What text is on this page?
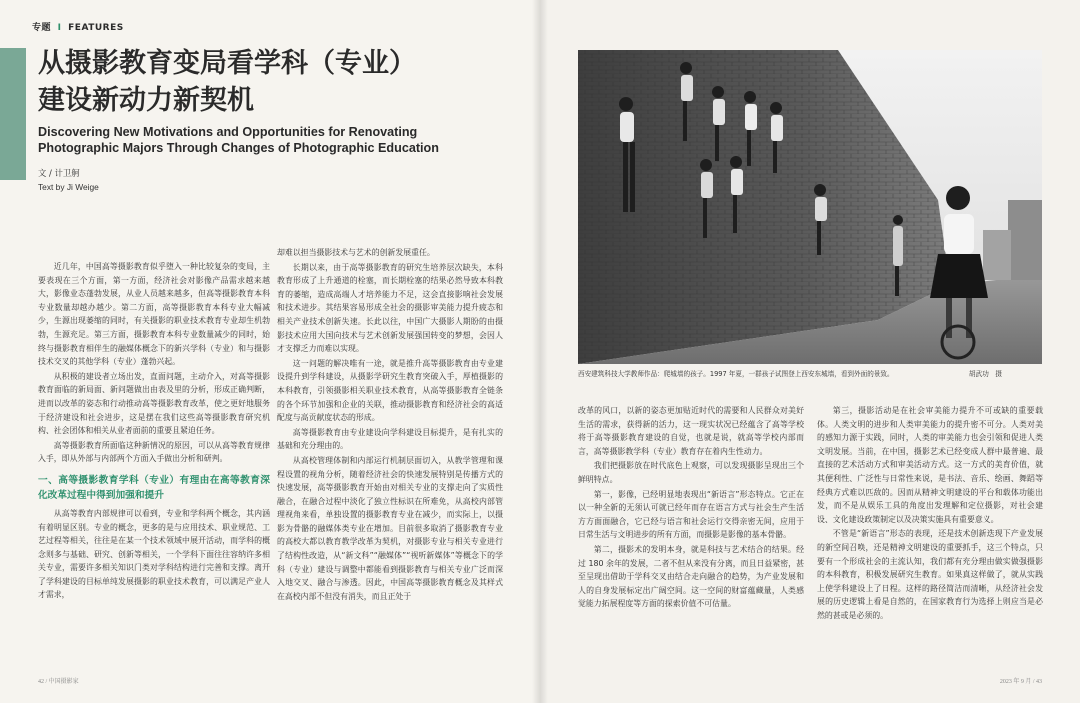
专题 I FEATURES
从摄影教育变局看学科（专业）
建设新动力新契机
Discovering New Motivations and Opportunities for Renovating
Photographic Majors Through Changes of Photographic Education
文 / 计卫舸
Text by Ji Weige

近几年，中国高等摄影教育似乎堕入一种比较复杂的变局，主要表现在三个方面，第一方面，经济社会对影像产品需求越来越大，影像业态蓬勃发展，从业人员越来越多，但高等摄影教育本科专业数量却越办越少。第二方面，高等摄影教育本科专业大幅减少，生源出现萎缩的同时，有关摄影的职业技术教育专业却生机勃勃，生源充足。第三方面，摄影教育本科专业数量减少的同时，始终与摄影教育相伴生的融媒体概念下的新兴学科（专业）和与摄影技术交叉的其他学科（专业）蓬勃兴起。

从积极的建设者立场出发，直面问题，主动介入，对高等摄影教育面临的新局面、新问题做出由表及里的分析，形成正确判断，进而以改革的姿态和行动推动高等摄影教育改革，使之更好地服务于经济建设和社会进步，这是摆在我们这些高等摄影教育研究机构、社会团体和相关从业者面前的重要且紧迫任务。

高等摄影教育所面临这种新情况的原因，可以从高等教育规律入手，即从外部与内部两个方面入手做出分析和研判。

一、高等摄影教育学科（专业）有理由在高等教育深化改革过程中得到加强和提升

从高等教育内部规律可以看到，专业和学科两个概念，其内涵有着明显区别。专业的概念，更多的是与应用技术、职业规范、工艺过程等相关，往往是在某一个技术领域中展开活动，而学科的概念则多与基础、研究、创新等相关，一个学科下面往往容纳许多相关专业，需要许多相关知识门类对学科结构进行完善和支撑。离开了学科建设的目标单纯发展摄影的职业技术教育，可以满足产业人才需求，

却难以担当摄影技术与艺术的创新发展重任。

长期以来，由于高等摄影教育的研究生培养层次缺失，本科教育形成了上升通道的栓塞，而长期栓塞的结果必然导致本科教育的萎缩，造成高端人才培养能力不足，这会直接影响社会发展和技术进步。其结果容易形成全社会的摄影审美能力提升疲态和相关产业技术创新失速。长此以往，中国广大摄影人期盼的由摄影技术应用大国向技术与艺术创新发展强国转变的梦想，会因人才支撑乏力而难以实现。

这一问题的解决唯有一途，就是推升高等摄影教育由专业建设提升到学科建设，从摄影学研究生教育突破入手，厚植摄影的本科教育，引领摄影相关职业技术教育，从高等摄影教育全链条的各个环节加强和企业的关联，推动摄影教育和经济社会的高适配度与高贡献度状态的形成。

高等摄影教育由专业建设向学科建设目标提升，是有扎实的基础和充分理由的。

从高校管理体制和内部运行机制层面切入，从教学管理和课程设置的视角分析，随着经济社会的快速发展特别是传播方式的快速发展，高等摄影教育开始由对相关专业的支撑走向了实质性融合，在融合过程中淡化了独立性标识在所难免，从高校内部管理视角来看，单独设置的摄影教育专业在减少，而实际上，以摄影为骨骼的融媒体类专业在增加。目前很多取消了摄影教育专业的高校大都以教育教学改革为契机，对摄影专业与相关专业进行了结构性改造，从“新文科”“融媒体”“视听新媒体”等概念下的学科（专业）建设与调整中都能看到摄影教育与相关专业广泛而深入地交叉、融合与渗透。因此，中国高等摄影教育概念及其样式在高校内部不但没有消失，而且正处于

西安建筑科技大学教师作品：爬城墙的孩子。1997 年夏，一群孩子试图登上西安东城墙，看到外面的景致。	胡武功　摄

改革的风口，以新的姿态更加贴近时代的需要和人民群众对美好生活的需求，获得新的活力，这一现实状况已经蕴含了高等学校将于高等摄影教育建设的自觉，也就是说，就高等学校内部而言，高等摄影教学科（专业）教育存在着内生性动力。

我们把摄影放在时代底色上观察，可以发现摄影呈现出三个鲜明特点。

第一，影像，已经明显地表现出“新语言”形态特点。它正在以一种全新的无须认可就已经年而存在语言方式与社会生产生活方方面面融合，它已经与语言和社会运行交得亲密无间，应用于日常生活与文明进步的所有方面，而摄影是影像的基本骨骼。

第二，摄影术的发明本身，就是科技与艺术结合的结果。经过 180 余年的发展，二者不但从来没有分离，而且日益紧密，甚至呈现出借助于学科交叉由结合走向融合的趋势，为产业发展和人的自身发展标定出广阔空间。这一空间的财富蕴藏量，人类感觉能力拓展程度等方面的探索价值不可估量。

第三，摄影活动是在社会审美能力提升不可或缺的重要载体。人类文明的进步和人类审美能力的提升密不可分。人类对美的感知力源于实践，同时，人类的审美能力也会引领和促进人类文明发展。当前，在中国，摄影艺术已经变成人群中最普遍、最直接的艺术活动方式和审美活动方式。这一方式的美育价值，就其便利性、广泛性与日常性来说，是书法、音乐、绘画、舞蹈等经典方式难以匹敌的。因而从精神文明建设的平台和载体功能出发，而不是从娱乐工具的角度出发理解和定位摄影，对社会建设、文化建设政策制定以及决策实施具有重要意义。

不管是“新语言”形态的表现，还是技术创新迭现下产业发展的新空间召唤，还是精神文明建设的重要抓手，这三个特点，只要有一个形成社会的主流认知，我们都有充分理由做实做强摄影的本科教育，积极发展研究生教育。如果真这样做了，就从实践上使学科建设上了日程。这样的路径简洁而清晰，从经济社会发展的历史逻辑上看是自然的，在国家教育行为选择上则应当是必然的甚或是必须的。

42 / 中国摄影家	2023 年 9 月 / 43
